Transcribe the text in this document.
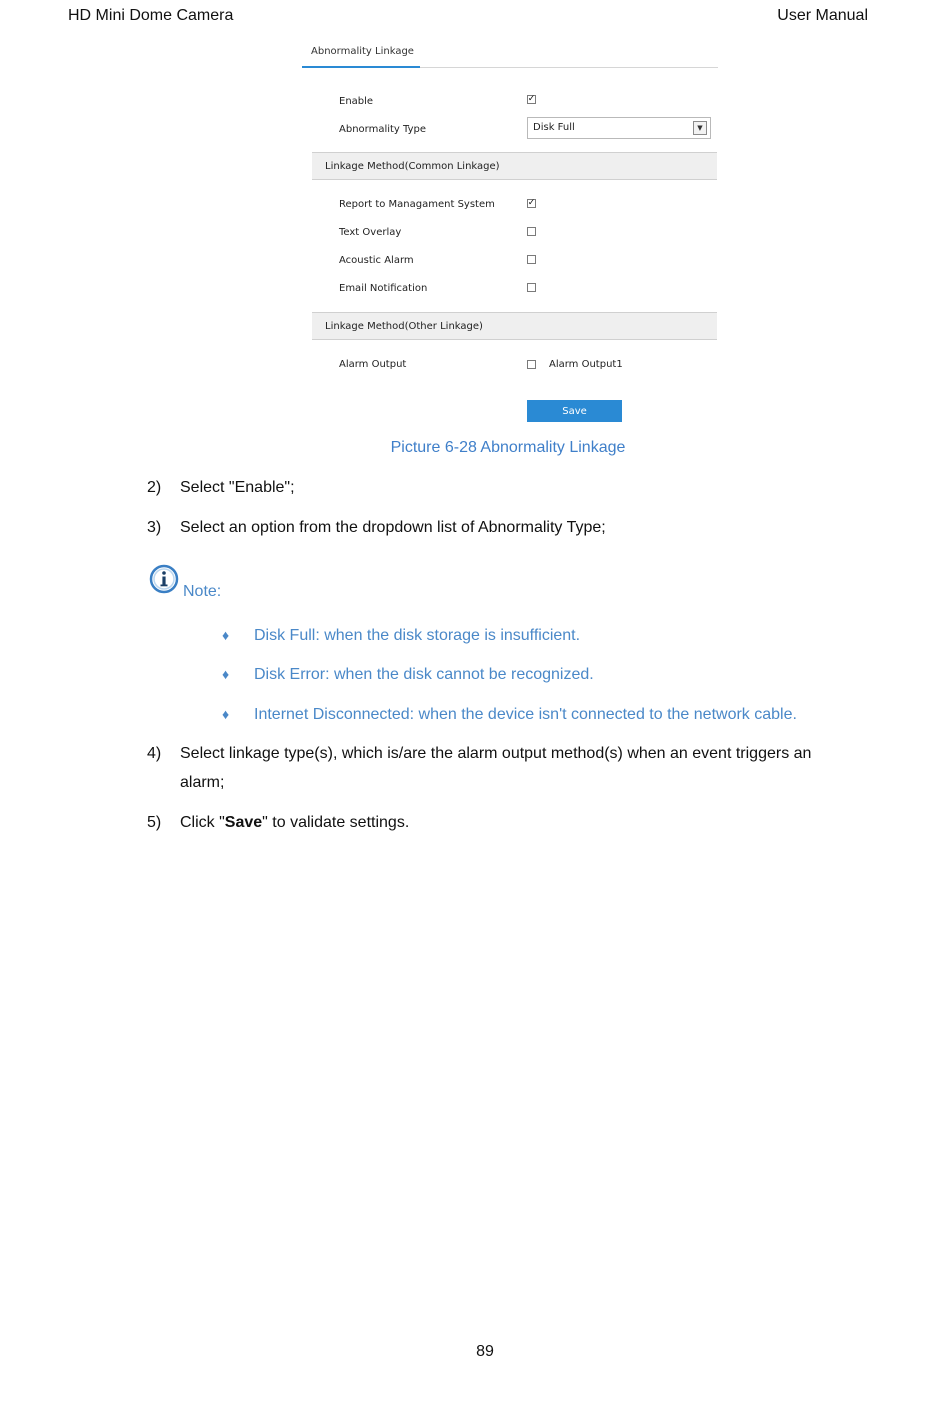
HD Mini Dome Camera	User Manual
Abnormality Linkage
Enable	✓
Abnormality Type	Disk Full	▼
Linkage Method(Common Linkage)
Report to Managament System	✓
Text Overlay
Acoustic Alarm
Email Notification
Linkage Method(Other Linkage)
Alarm Output	Alarm Output1
Save
Picture 6-28 Abnormality Linkage
2) Select "Enable";
3) Select an option from the dropdown list of Abnormality Type;
Note:
♦ Disk Full: when the disk storage is insufficient.
♦ Disk Error: when the disk cannot be recognized.
♦ Internet Disconnected: when the device isn't connected to the network cable.
4) Select linkage type(s), which is/are the alarm output method(s) when an event triggers an alarm;
5) Click "Save" to validate settings.
89
